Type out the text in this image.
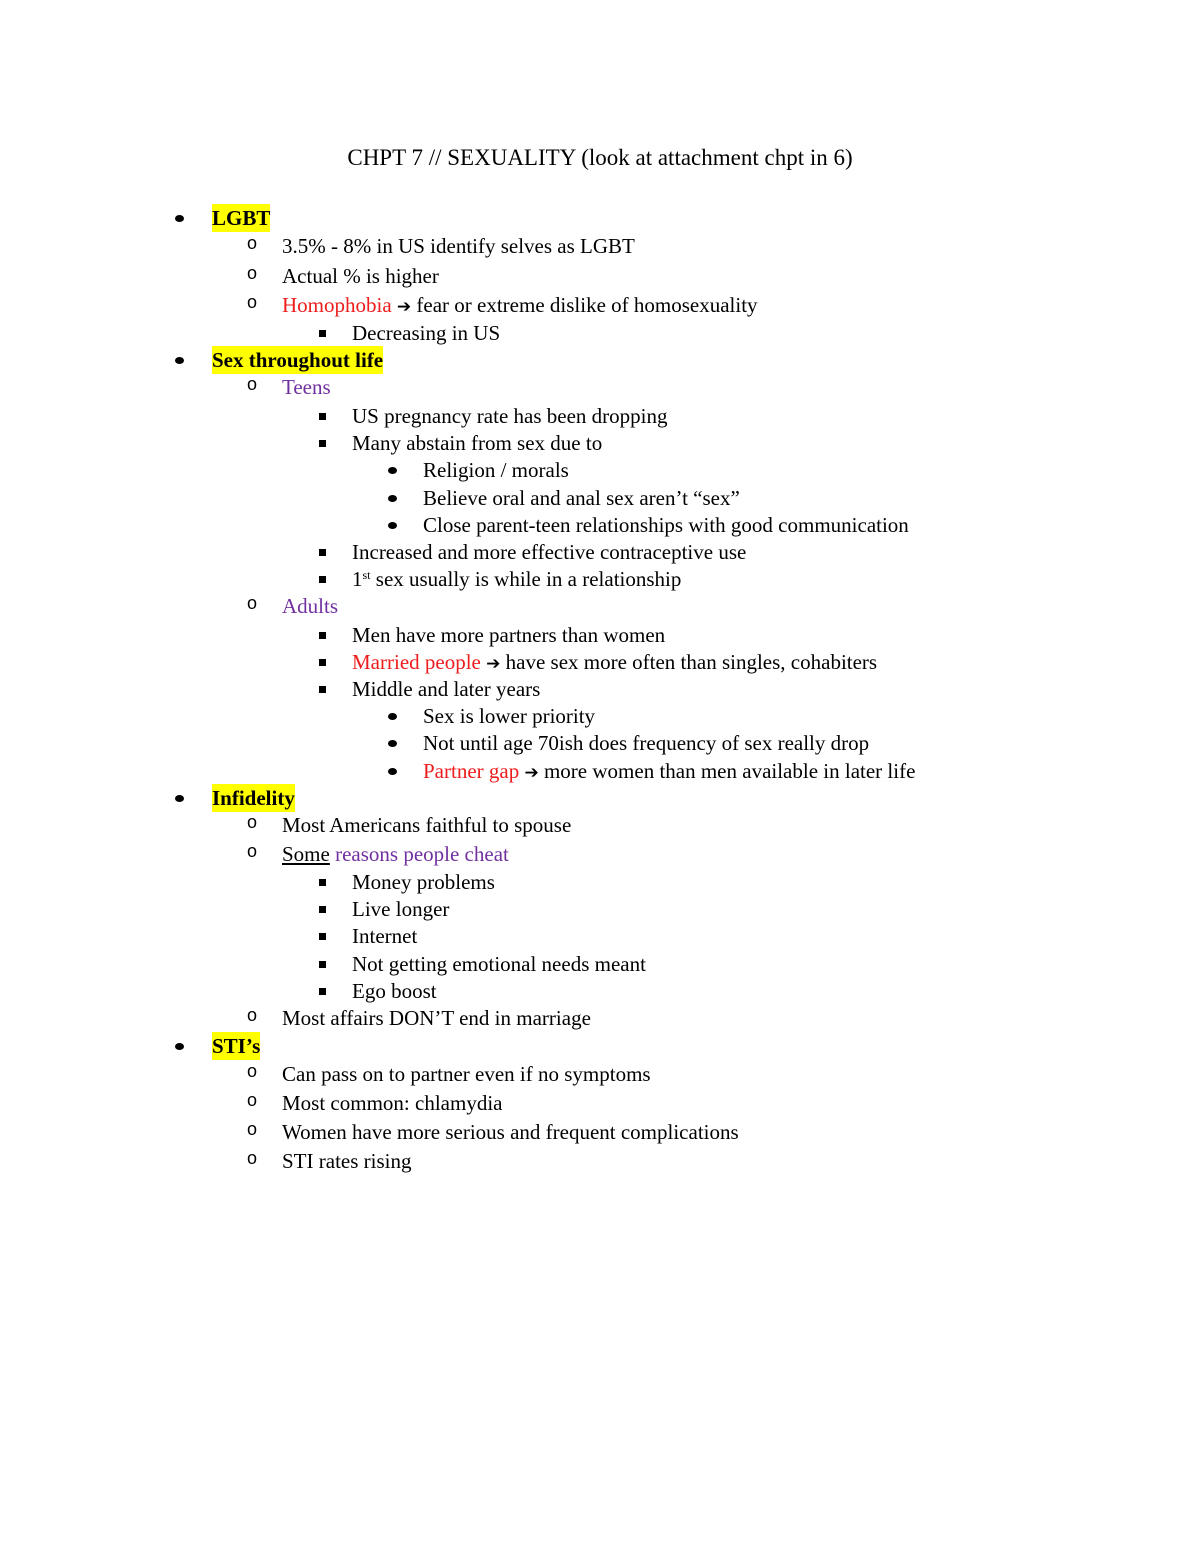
CHPT 7 // SEXUALITY (look at attachment chpt in 6)
LGBT
o
3.5% - 8% in US identify selves as LGBT
o
Actual % is higher
o
Homophobia ➔ fear or extreme dislike of homosexuality
Decreasing in US
Sex throughout life
o
Teens
US pregnancy rate has been dropping
Many abstain from sex due to
Religion / morals
Believe oral and anal sex aren’t “sex”
Close parent-teen relationships with good communication
Increased and more effective contraceptive use
1st sex usually is while in a relationship
o
Adults
Men have more partners than women
Married people ➔ have sex more often than singles, cohabiters
Middle and later years
Sex is lower priority
Not until age 70ish does frequency of sex really drop
Partner gap ➔ more women than men available in later life
Infidelity
o
Most Americans faithful to spouse
o
Some reasons people cheat
Money problems
Live longer
Internet
Not getting emotional needs meant
Ego boost
o
Most affairs DON’T end in marriage
STI’s
o
Can pass on to partner even if no symptoms
o
Most common: chlamydia
o
Women have more serious and frequent complications
o
STI rates rising
